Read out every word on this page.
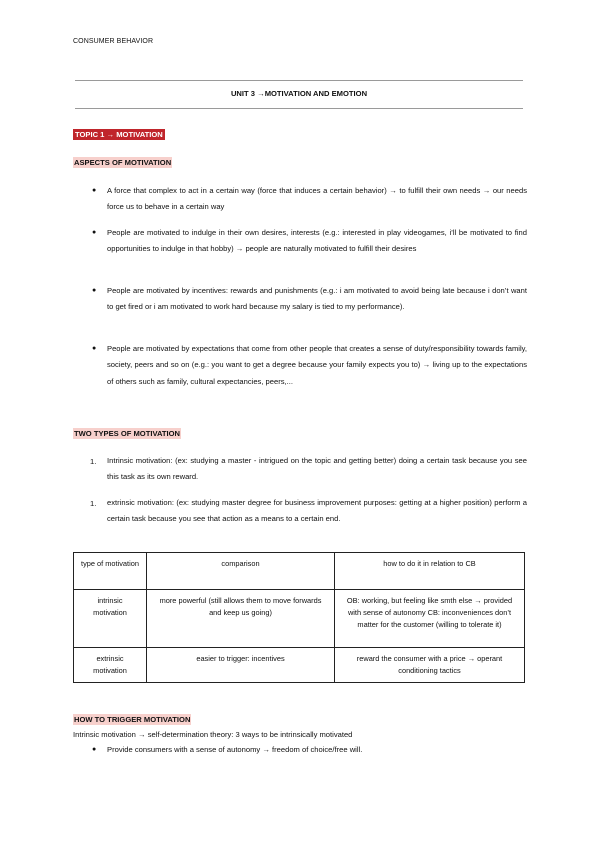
CONSUMER BEHAVIOR
UNIT 3 →MOTIVATION AND EMOTION
TOPIC 1 → MOTIVATION
ASPECTS OF MOTIVATION
● A force that complex to act in a certain way (force that induces a certain behavior) → to fulfill their own needs → our needs force us to behave in a certain way
● People are motivated to indulge in their own desires, interests (e.g.: interested in play videogames, i’ll be motivated to find opportunities to indulge in that hobby) → people are naturally motivated to fulfill their desires
● People are motivated by incentives: rewards and punishments (e.g.: i am motivated to avoid being late because i don’t want to get fired or i am motivated to work hard because my salary is tied to my performance).
● People are motivated by expectations that come from other people that creates a sense of duty/responsibility towards family, society, peers and so on (e.g.: you want to get a degree because your family expects you to) → living up to the expectations of others such as family, cultural expectancies, peers,...
TWO TYPES OF MOTIVATION
1. Intrinsic motivation: (ex: studying a master - intrigued on the topic and getting better) doing a certain task because you see this task as its own reward.
1. extrinsic motivation: (ex: studying master degree for business improvement purposes: getting at a higher position) perform a certain task because you see that action as a means to a certain end.
type of motivation	comparison	how to do it in relation to CB
intrinsic motivation	more powerful (still allows them to move forwards and keep us going)	OB: working, but feeling like smth else → provided with sense of autonomy CB: inconveniences don’t matter for the customer (willing to tolerate it)
extrinsic motivation	easier to trigger: incentives	reward the consumer with a price → operant conditioning tactics
HOW TO TRIGGER MOTIVATION
Intrinsic motivation → self-determination theory: 3 ways to be intrinsically motivated
● Provide consumers with a sense of autonomy → freedom of choice/free will.
